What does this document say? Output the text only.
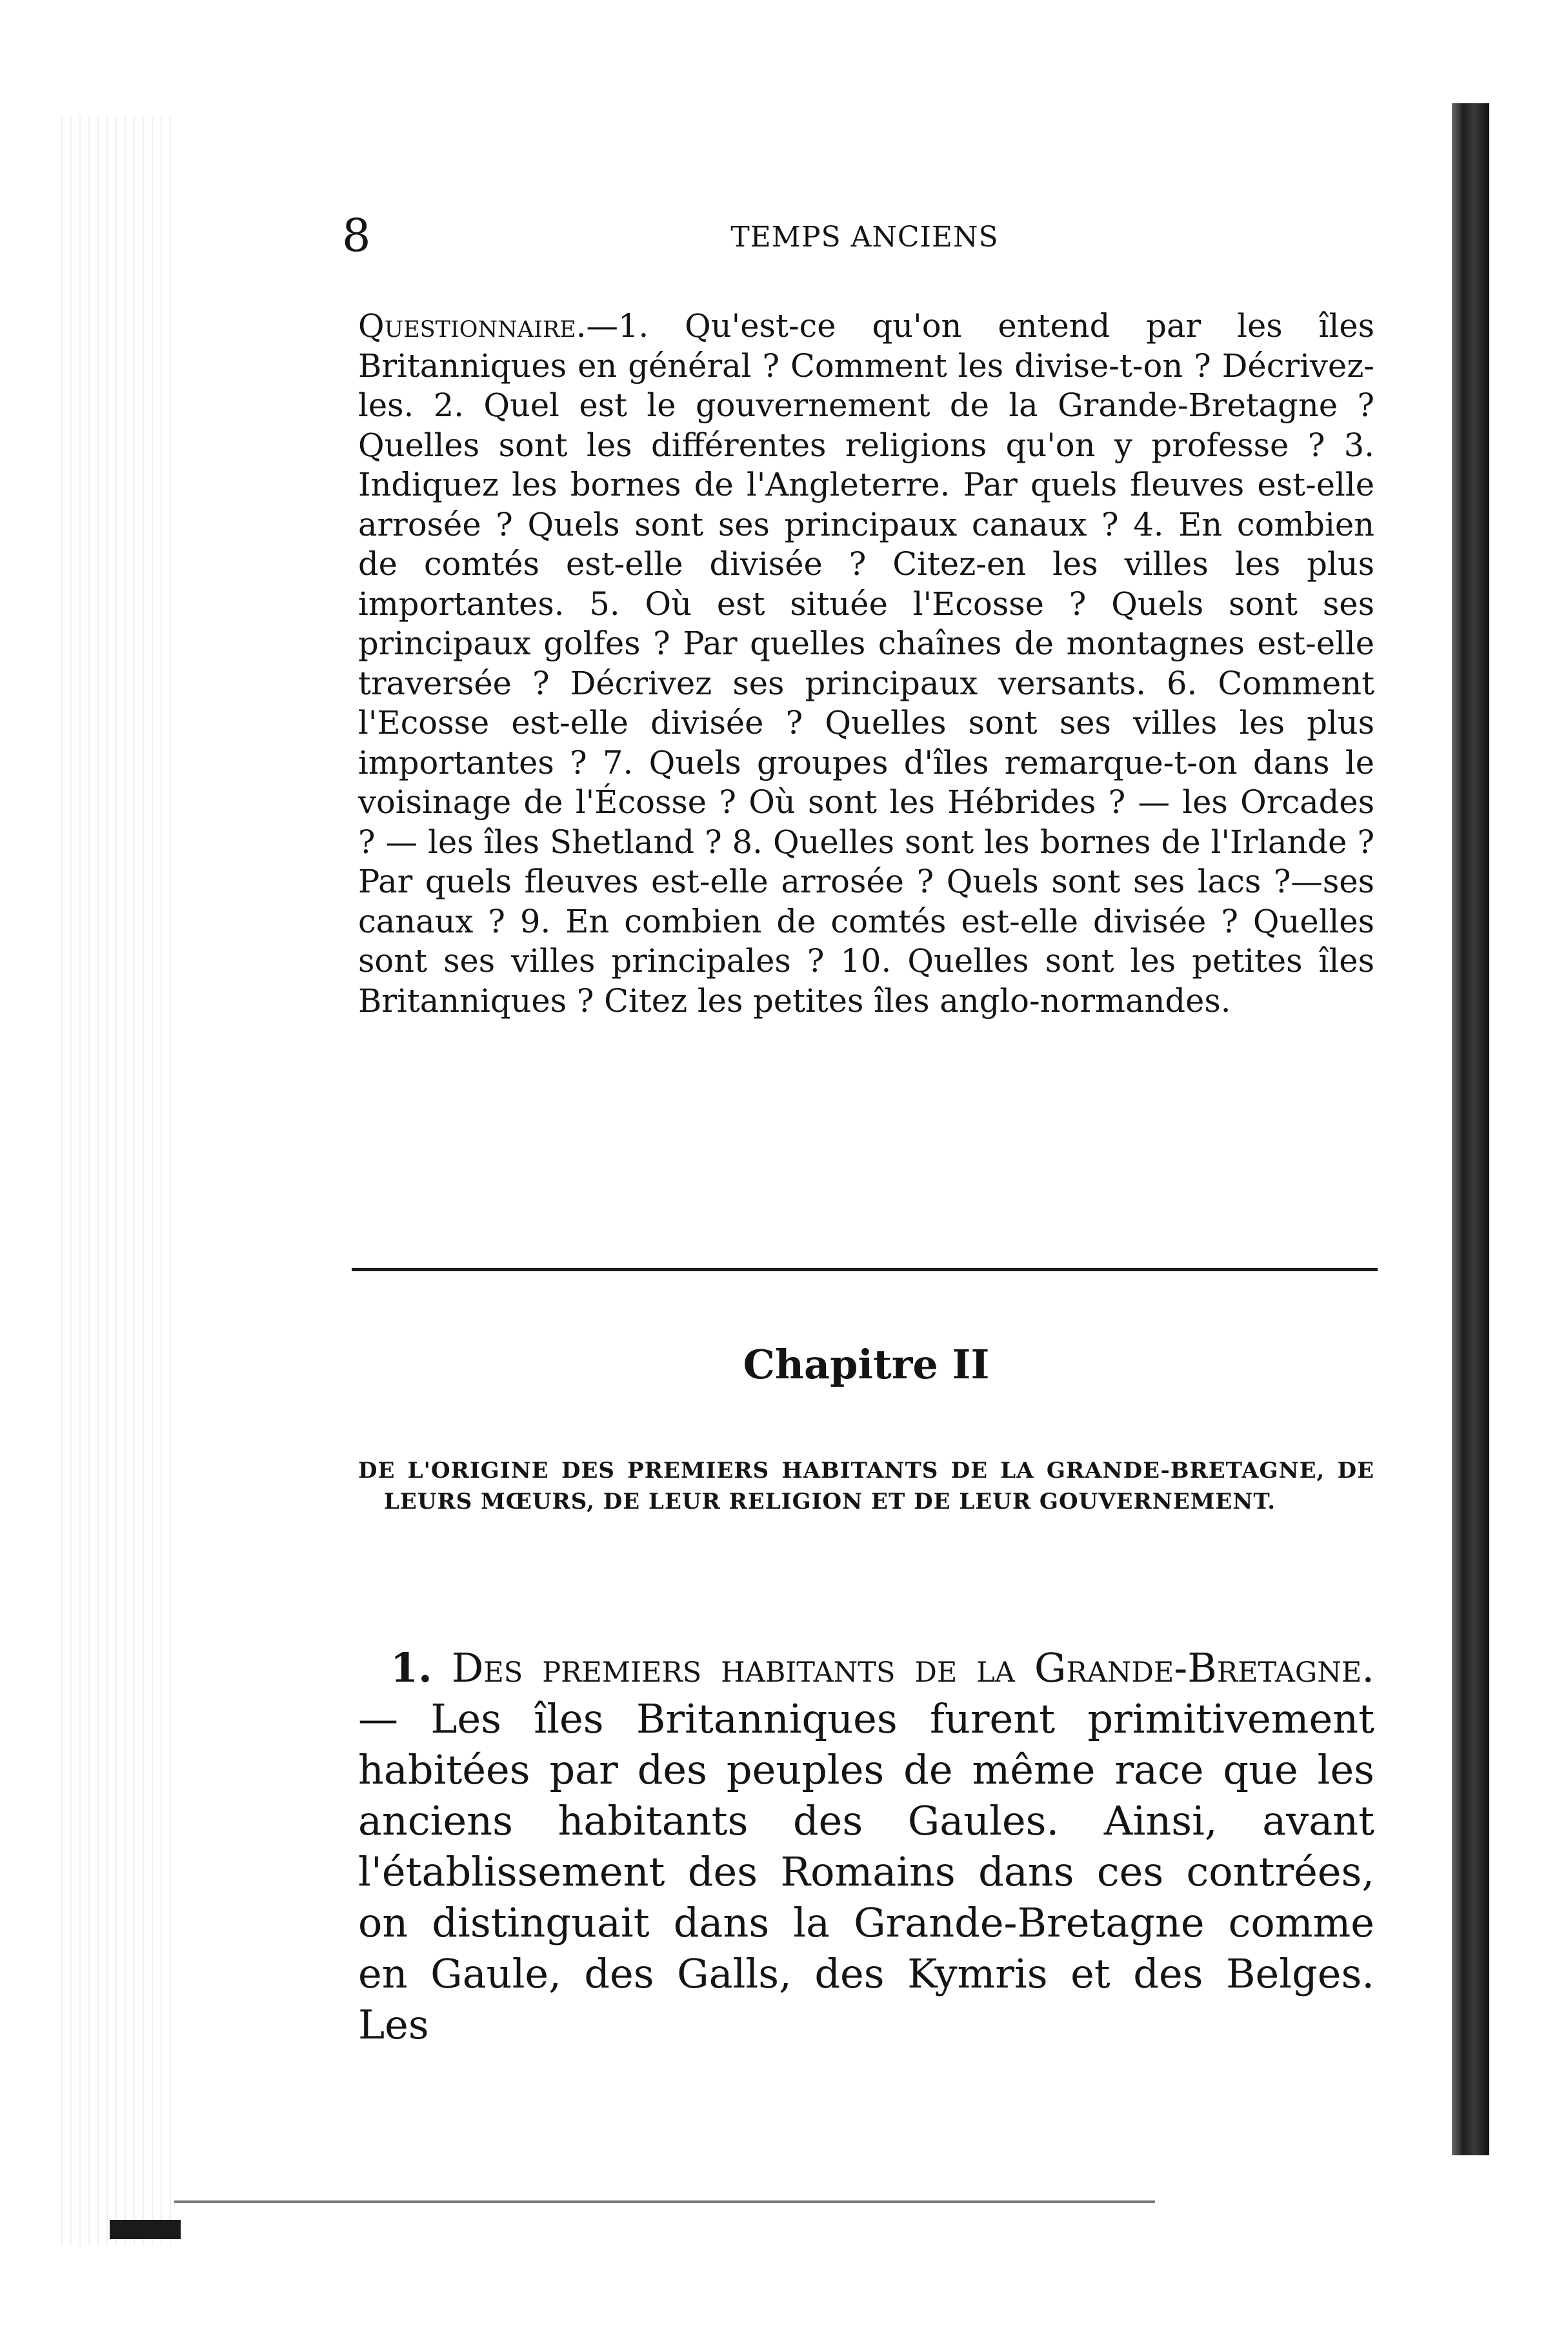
8	TEMPS ANCIENS
Questionnaire.—1. Qu'est-ce qu'on entend par les îles Britanniques en général ? Comment les divise-t-on ? Décrivez-les. 2. Quel est le gouvernement de la Grande-Bretagne ? Quelles sont les différentes religions qu'on y professe ? 3. Indiquez les bornes de l'Angleterre. Par quels fleuves est-elle arrosée ? Quels sont ses principaux canaux ? 4. En combien de comtés est-elle divisée ? Citez-en les villes les plus importantes. 5. Où est située l'Ecosse ? Quels sont ses principaux golfes ? Par quelles chaînes de montagnes est-elle traversée ? Décrivez ses principaux versants. 6. Comment l'Ecosse est-elle divisée ? Quelles sont ses villes les plus importantes ? 7. Quels groupes d'îles remarque-t-on dans le voisinage de l'Écosse ? Où sont les Hébrides ? — les Orcades ? — les îles Shetland ? 8. Quelles sont les bornes de l'Irlande ? Par quels fleuves est-elle arrosée ? Quels sont ses lacs ?—ses canaux ? 9. En combien de comtés est-elle divisée ? Quelles sont ses villes principales ? 10. Quelles sont les petites îles Britanniques ? Citez les petites îles anglo-normandes.
Chapitre II
DE L'ORIGINE DES PREMIERS HABITANTS DE LA GRANDE-BRETAGNE, DE LEURS MŒURS, DE LEUR RELIGION ET DE LEUR GOUVERNEMENT.
1. Des premiers habitants de la Grande-Bretagne. — Les îles Britanniques furent primitivement habitées par des peuples de même race que les anciens habitants des Gaules. Ainsi, avant l'établissement des Romains dans ces contrées, on distinguait dans la Grande-Bretagne comme en Gaule, des Galls, des Kymris et des Belges. Les
